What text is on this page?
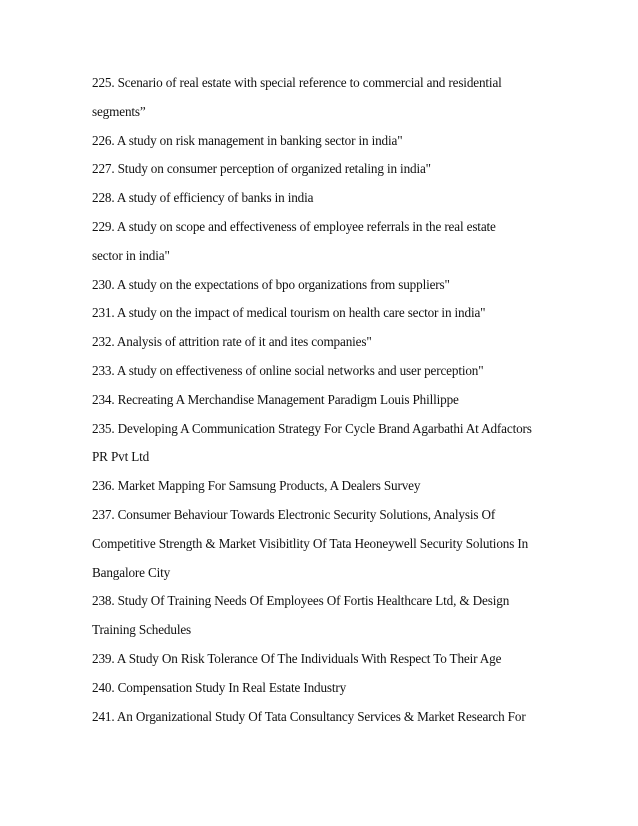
225. Scenario of real estate with special reference to commercial and residential
segments”
226. A study on risk management in banking sector in india"
227. Study on consumer perception of organized retaling in india"
228. A study of efficiency of banks in india
229. A study on scope and effectiveness of employee referrals in the real estate
sector in india"
230. A study on the expectations of bpo organizations from suppliers"
231. A study on the impact of medical tourism on health care sector in india"
232. Analysis of attrition rate of it and ites companies"
233. A study on effectiveness of online social networks and user perception"
234. Recreating A Merchandise Management Paradigm Louis Phillippe
235. Developing A Communication Strategy For Cycle Brand Agarbathi At Adfactors
PR Pvt Ltd
236. Market Mapping For Samsung Products, A Dealers Survey
237. Consumer Behaviour Towards Electronic Security Solutions, Analysis Of
Competitive Strength & Market Visibitlity Of Tata Heoneywell Security Solutions In
Bangalore City
238. Study Of Training Needs Of Employees Of Fortis Healthcare Ltd, & Design
Training Schedules
239. A Study On Risk Tolerance Of The Individuals With Respect To Their Age
240. Compensation Study In Real Estate Industry
241. An Organizational Study Of Tata Consultancy Services & Market Research For
